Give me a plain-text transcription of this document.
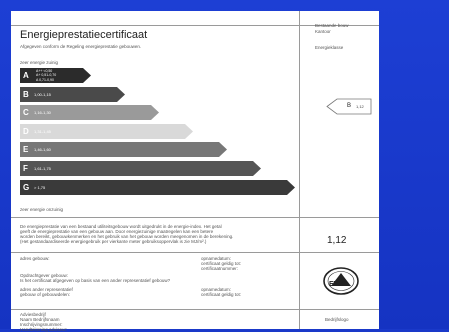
Energieprestatiecertificaat
Afgegeven conform de Regeling energieprestatie gebouwen.
Bestaande bouw
Kantoor
Energieklasse
zeer energie zuinig
A A++ <0,50
A+ 0,51-0,70
A 0,71-0,90
B 1,00-1,15
C 1,16-1,30
D 1,31-1,45
E 1,46-1,60
F 1,61-1,75
G > 1,75
zeer energie onzuinig
B 1,12
De energieprestatie van een bestaand utiliteitsgebouw wordt uitgedrukt in de energie-index. Het getal
geeft de energieprestatie van een gebouw aan. Door energiezuinige maatregelen kan een betere
worden bereikt, gebouwkenmerken en het gebruik van het gebouw worden meegenomen in de berekening.
(Het gestandaardiseerde energiegebruik per vierkante meter gebruiksoppervlak is zie MJ/m².)	1,12
adres gebouw:	opnamedatum:
certificaat geldig tot:
certificaatnummer:
Opdrachtgever gebouw:
Is het certificaat afgegeven op basis van een ander representatief gebouw?
adres ander representatief
gebouw of gebouwdelen:
opnamedatum:
certificaat geldig tot:
Adviesbedrijf
Naam Bedrijfsnaam
Inschrijvingsnummer:
Handtekening adviseur:
Bedrijfslogo
EPBD
